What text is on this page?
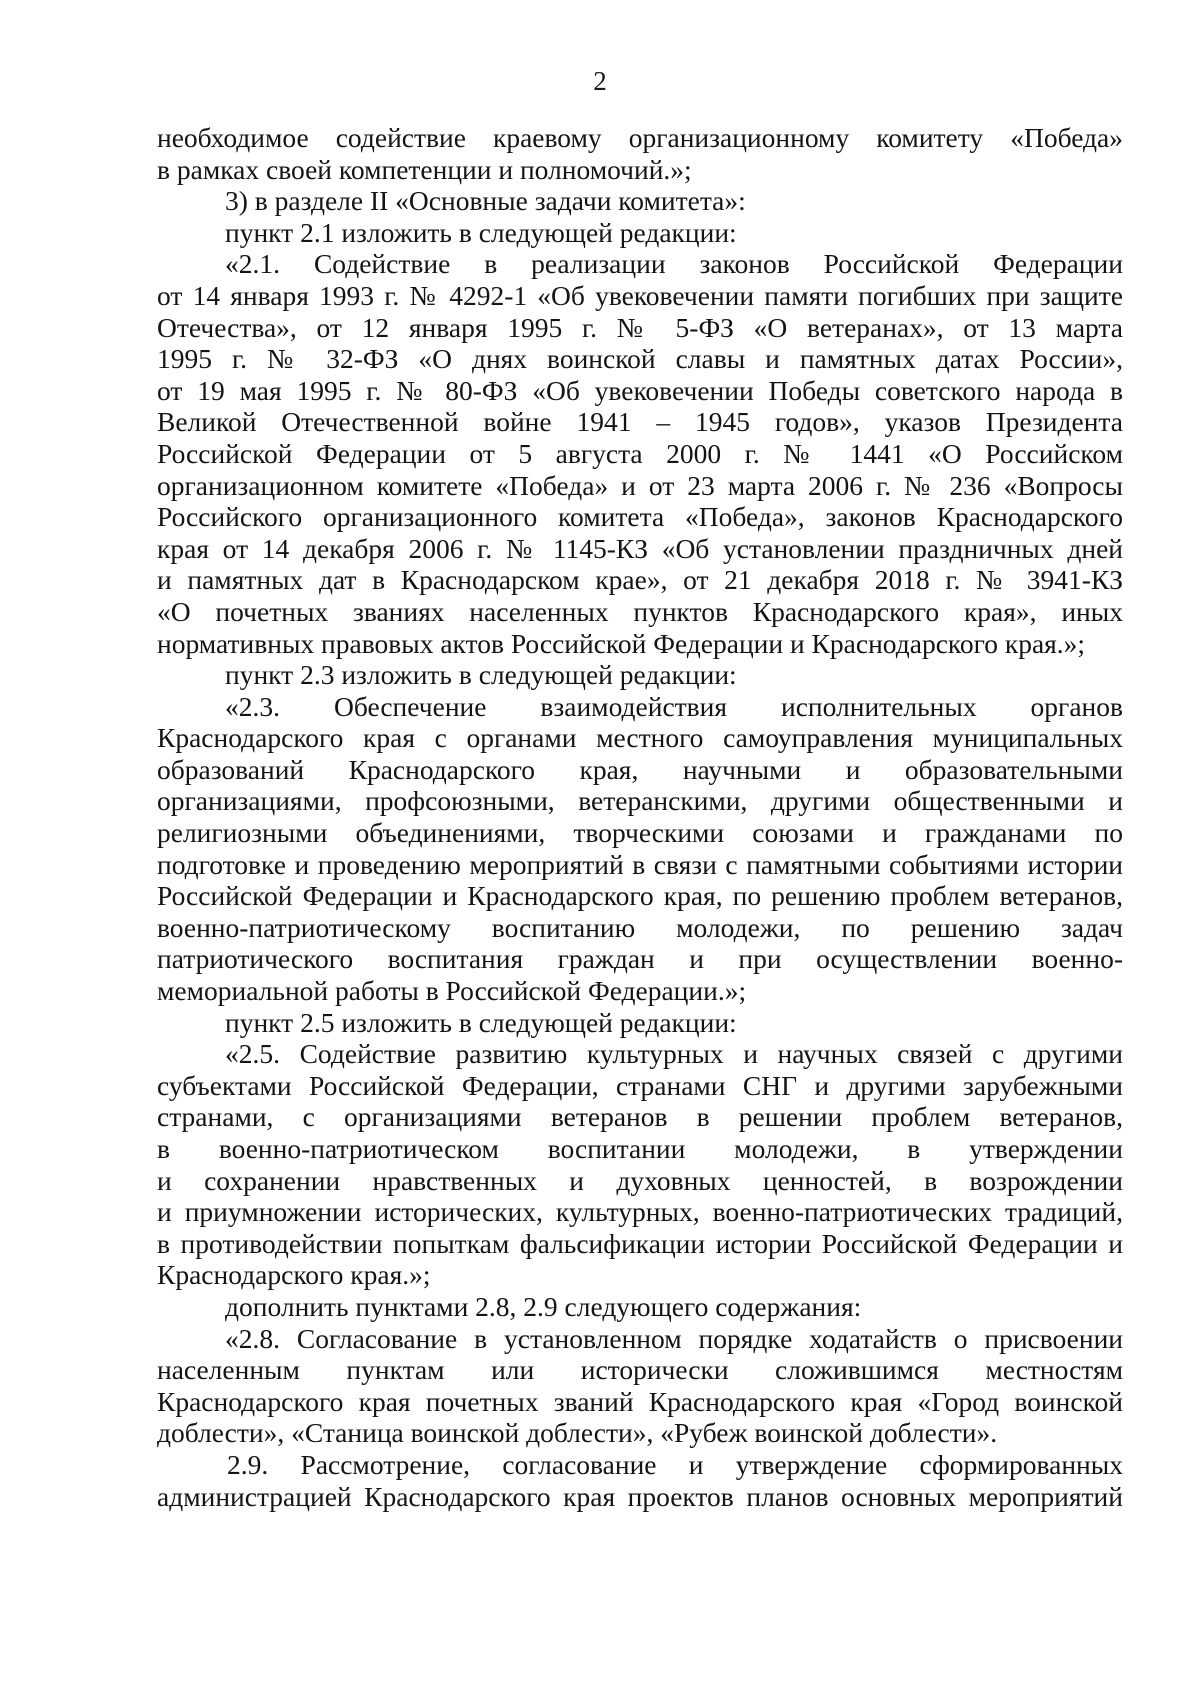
2
необходимое содействие краевому организационному комитету «Победа»
в рамках своей компетенции и полномочий.»;
3) в разделе II «Основные задачи комитета»:
пункт 2.1 изложить в следующей редакции:
«2.1. Содействие в реализации законов Российской Федерации
от 14 января 1993 г. № 4292-1 «Об увековечении памяти погибших при защите
Отечества», от 12 января 1995 г. № 5-ФЗ «О ветеранах», от 13 марта
1995 г. № 32-ФЗ «О днях воинской славы и памятных датах России»,
от 19 мая 1995 г. № 80-ФЗ «Об увековечении Победы советского народа в
Великой Отечественной войне 1941 – 1945 годов», указов Президента
Российской Федерации от 5 августа 2000 г. № 1441 «О Российском
организационном комитете «Победа» и от 23 марта 2006 г. № 236 «Вопросы
Российского организационного комитета «Победа», законов Краснодарского
края от 14 декабря 2006 г. № 1145-КЗ «Об установлении праздничных дней
и памятных дат в Краснодарском крае», от 21 декабря 2018 г. № 3941-КЗ
«О почетных званиях населенных пунктов Краснодарского края», иных
нормативных правовых актов Российской Федерации и Краснодарского края.»;
пункт 2.3 изложить в следующей редакции:
«2.3. Обеспечение взаимодействия исполнительных органов
Краснодарского края с органами местного самоуправления муниципальных
образований Краснодарского края, научными и образовательными
организациями, профсоюзными, ветеранскими, другими общественными и
религиозными объединениями, творческими союзами и гражданами по
подготовке и проведению мероприятий в связи с памятными событиями истории
Российской Федерации и Краснодарского края, по решению проблем ветеранов,
военно-патриотическому воспитанию молодежи, по решению задач
патриотического воспитания граждан и при осуществлении военно-
мемориальной работы в Российской Федерации.»;
пункт 2.5 изложить в следующей редакции:
«2.5. Содействие развитию культурных и научных связей с другими
субъектами Российской Федерации, странами СНГ и другими зарубежными
странами, с организациями ветеранов в решении проблем ветеранов,
в военно-патриотическом воспитании молодежи, в утверждении
и сохранении нравственных и духовных ценностей, в возрождении
и приумножении исторических, культурных, военно-патриотических традиций,
в противодействии попыткам фальсификации истории Российской Федерации и
Краснодарского края.»;
дополнить пунктами 2.8, 2.9 следующего содержания:
«2.8. Согласование в установленном порядке ходатайств о присвоении
населенным пунктам или исторически сложившимся местностям
Краснодарского края почетных званий Краснодарского края «Город воинской
доблести», «Станица воинской доблести», «Рубеж воинской доблести».
2.9. Рассмотрение, согласование и утверждение сформированных
администрацией Краснодарского края проектов планов основных мероприятий
